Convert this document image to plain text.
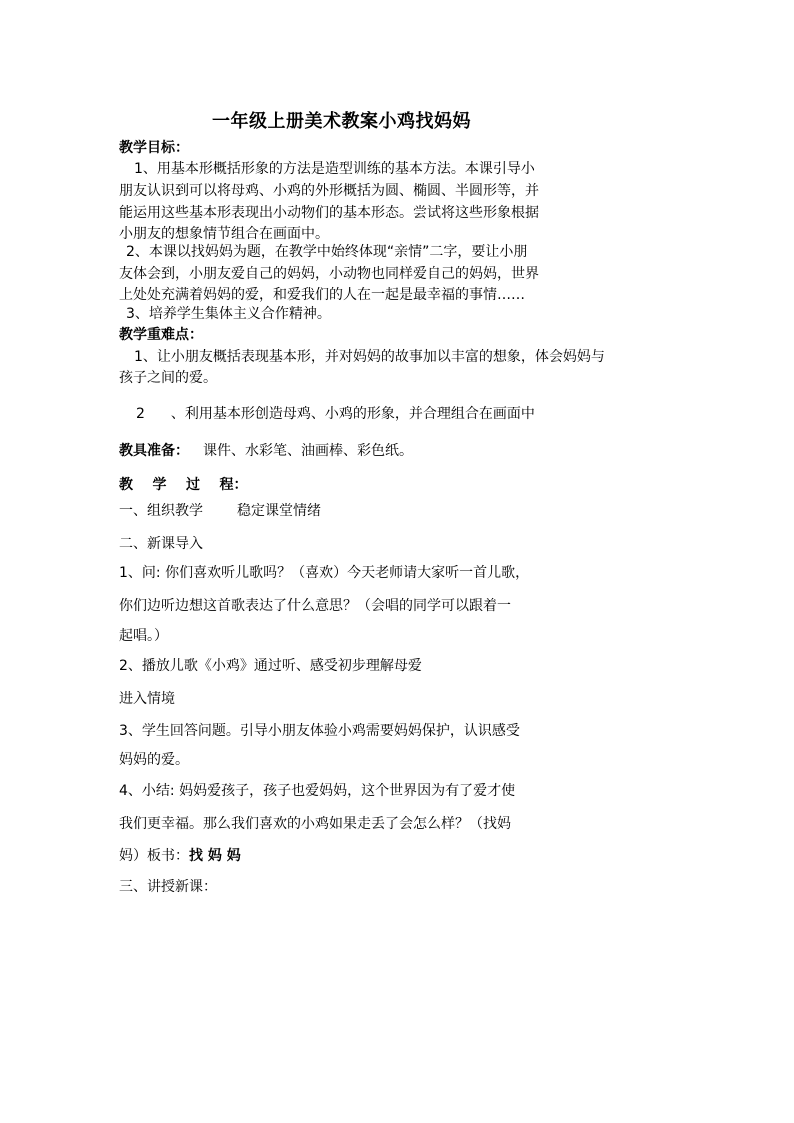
一年级上册美术教案小鸡找妈妈
教学目标：
1、用基本形概括形象的方法是造型训练的基本方法。本课引导小
朋友认识到可以将母鸡、小鸡的外形概括为圆、椭圆、半圆形等，并
能运用这些基本形表现出小动物们的基本形态。尝试将这些形象根据
小朋友的想象情节组合在画面中。
2、本课以找妈妈为题，在教学中始终体现“亲情”二字，要让小朋
友体会到，小朋友爱自己的妈妈，小动物也同样爱自己的妈妈，世界
上处处充满着妈妈的爱，和爱我们的人在一起是最幸福的事情……
3、培养学生集体主义合作精神。
教学重难点：
1、让小朋友概括表现基本形，并对妈妈的故事加以丰富的想象，体会妈妈与
孩子之间的爱。
2 、利用基本形创造母鸡、小鸡的形象，并合理组合在画面中
教具准备： 课件、水彩笔、油画棒、彩色纸。
教    学    过    程：
一、组织教学 稳定课堂情绪
二、新课导入
1、问: 你们喜欢听儿歌吗？（喜欢）今天老师请大家听一首儿歌，
你们边听边想这首歌表达了什么意思？（会唱的同学可以跟着一
起唱。）
2、播放儿歌《小鸡》通过听、感受初步理解母爱
进入情境
3、学生回答问题。引导小朋友体验小鸡需要妈妈保护，认识感受
妈妈的爱。
4、小结: 妈妈爱孩子，孩子也爱妈妈，这个世界因为有了爱才使
我们更幸福。那么我们喜欢的小鸡如果走丢了会怎么样？（找妈
妈）板书：找 妈 妈
三、讲授新课：
